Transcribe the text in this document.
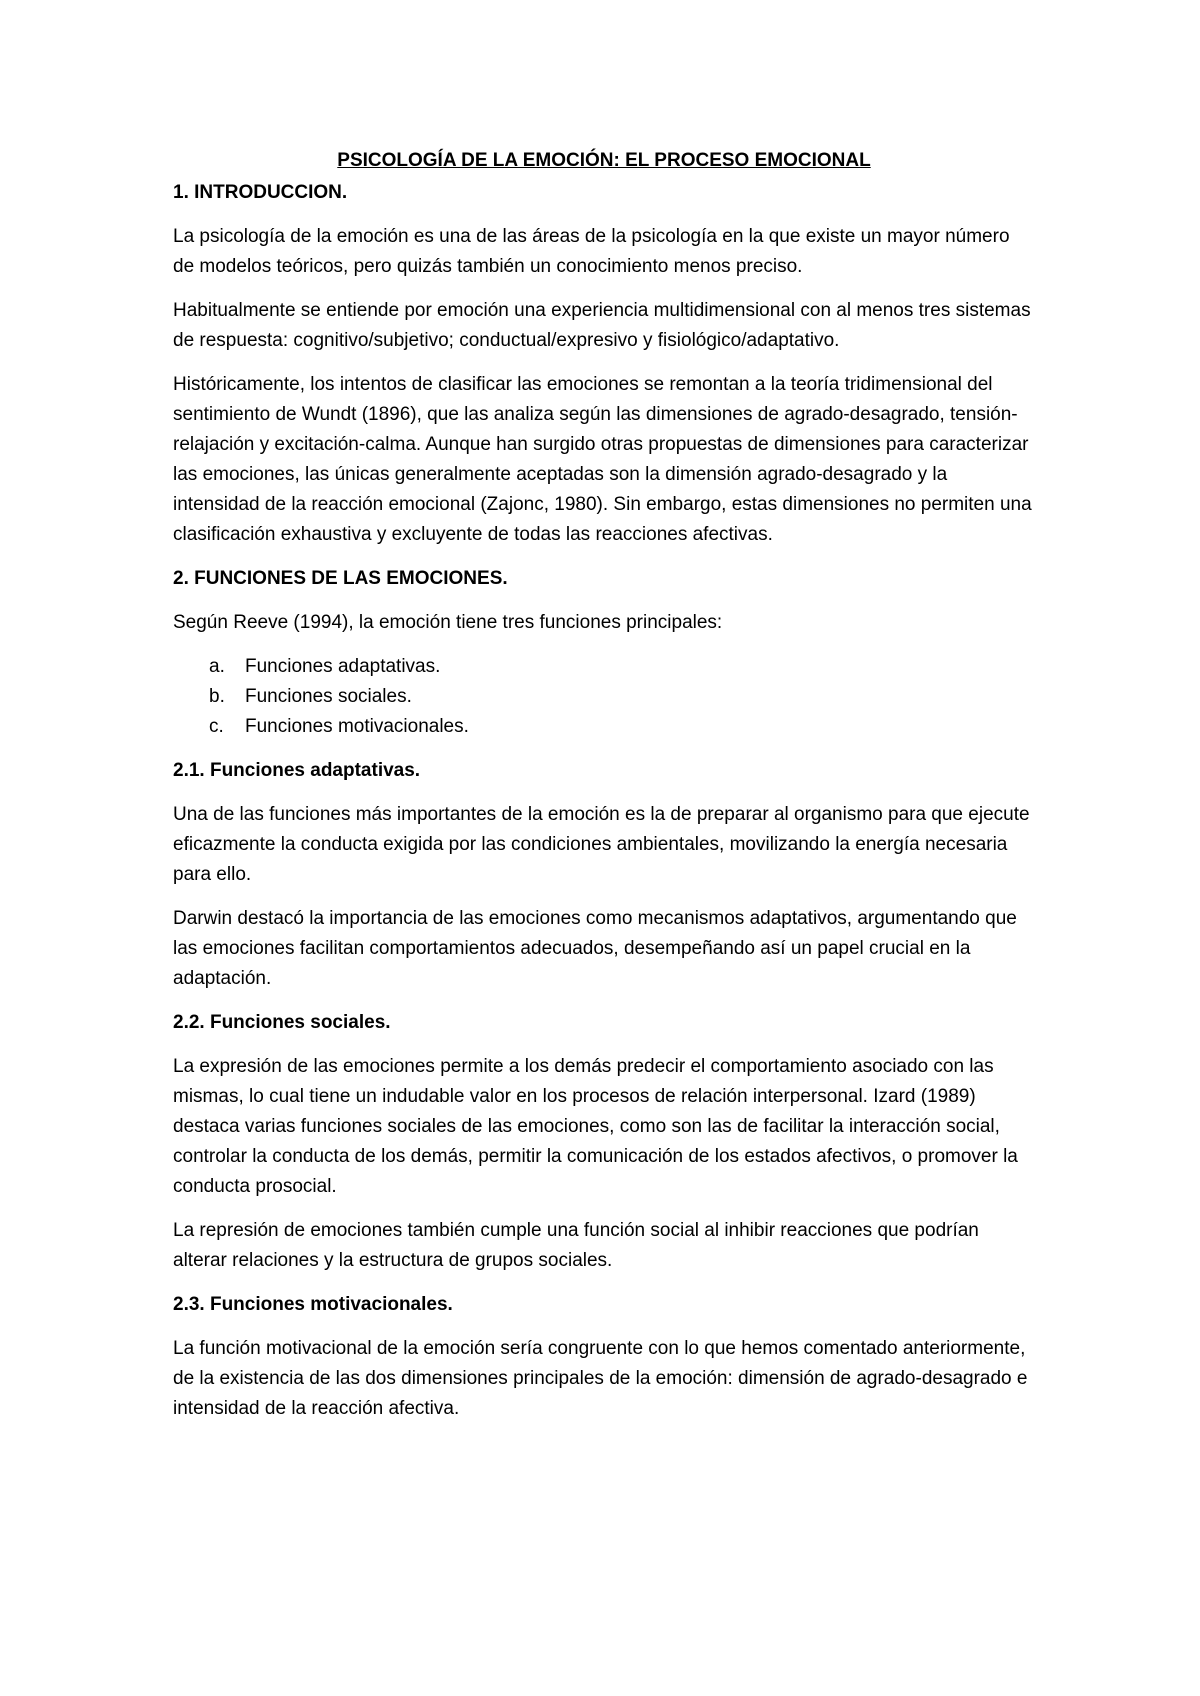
PSICOLOGÍA DE LA EMOCIÓN: EL PROCESO EMOCIONAL

1. INTRODUCCION.

La psicología de la emoción es una de las áreas de la psicología en la que existe un mayor número de modelos teóricos, pero quizás también un conocimiento menos preciso.

Habitualmente se entiende por emoción una experiencia multidimensional con al menos tres sistemas de respuesta: cognitivo/subjetivo; conductual/expresivo y fisiológico/adaptativo.

Históricamente, los intentos de clasificar las emociones se remontan a la teoría tridimensional del sentimiento de Wundt (1896), que las analiza según las dimensiones de agrado-desagrado, tensión-relajación y excitación-calma. Aunque han surgido otras propuestas de dimensiones para caracterizar las emociones, las únicas generalmente aceptadas son la dimensión agrado-desagrado y la intensidad de la reacción emocional (Zajonc, 1980). Sin embargo, estas dimensiones no permiten una clasificación exhaustiva y excluyente de todas las reacciones afectivas.

2. FUNCIONES DE LAS EMOCIONES.

Según Reeve (1994), la emoción tiene tres funciones principales:

a. Funciones adaptativas.
b. Funciones sociales.
c. Funciones motivacionales.

2.1. Funciones adaptativas.

Una de las funciones más importantes de la emoción es la de preparar al organismo para que ejecute eficazmente la conducta exigida por las condiciones ambientales, movilizando la energía necesaria para ello.

Darwin destacó la importancia de las emociones como mecanismos adaptativos, argumentando que las emociones facilitan comportamientos adecuados, desempeñando así un papel crucial en la adaptación.

2.2. Funciones sociales.

La expresión de las emociones permite a los demás predecir el comportamiento asociado con las mismas, lo cual tiene un indudable valor en los procesos de relación interpersonal. Izard (1989) destaca varias funciones sociales de las emociones, como son las de facilitar la interacción social, controlar la conducta de los demás, permitir la comunicación de los estados afectivos, o promover la conducta prosocial.

La represión de emociones también cumple una función social al inhibir reacciones que podrían alterar relaciones y la estructura de grupos sociales.

2.3. Funciones motivacionales.

La función motivacional de la emoción sería congruente con lo que hemos comentado anteriormente, de la existencia de las dos dimensiones principales de la emoción: dimensión de agrado-desagrado e intensidad de la reacción afectiva.
